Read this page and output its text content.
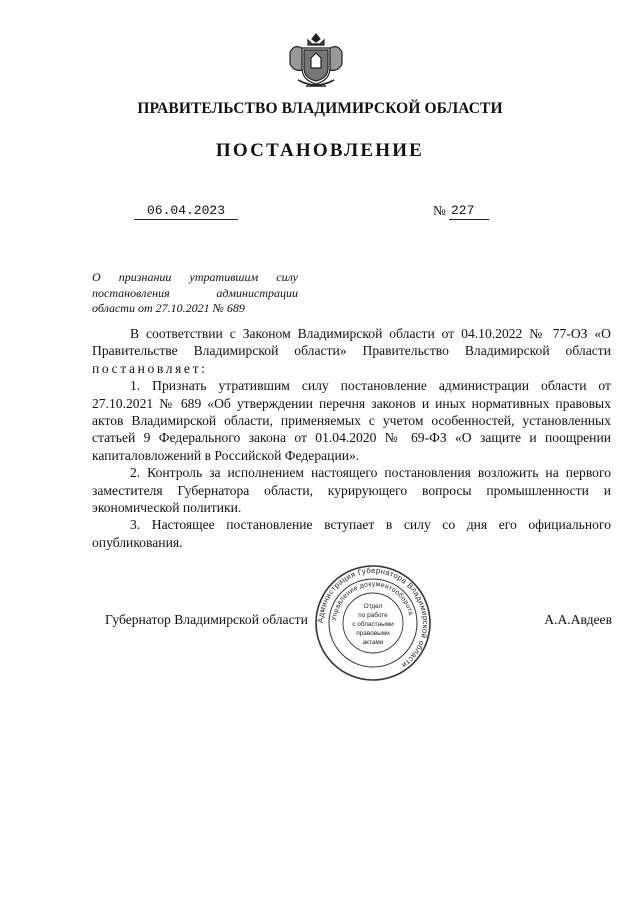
ПРАВИТЕЛЬСТВО ВЛАДИМИРСКОЙ ОБЛАСТИ
ПОСТАНОВЛЕНИЕ
06.04.2023	№ 227
О признании утратившим силу
постановления администрации
области от 27.10.2021 № 689

В соответствии с Законом Владимирской области от 04.10.2022 № 77-ОЗ «О Правительстве Владимирской области» Правительство Владимирской области постановляет:

1. Признать утратившим силу постановление администрации области от 27.10.2021 № 689 «Об утверждении перечня законов и иных нормативных правовых актов Владимирской области, применяемых с учетом особенностей, установленных статьей 9 Федерального закона от 01.04.2020 № 69-ФЗ «О защите и поощрении капиталовложений в Российской Федерации».

2. Контроль за исполнением настоящего постановления возложить на первого заместителя Губернатора области, курирующего вопросы промышленности и экономической политики.

3. Настоящее постановление вступает в силу со дня его официального опубликования.

Губернатор Владимирской области	А.А.Авдеев
Администрация Губернатора Владимирской области
Управление документооборота
Отдел
по работе
с областными
правовыми
актами
